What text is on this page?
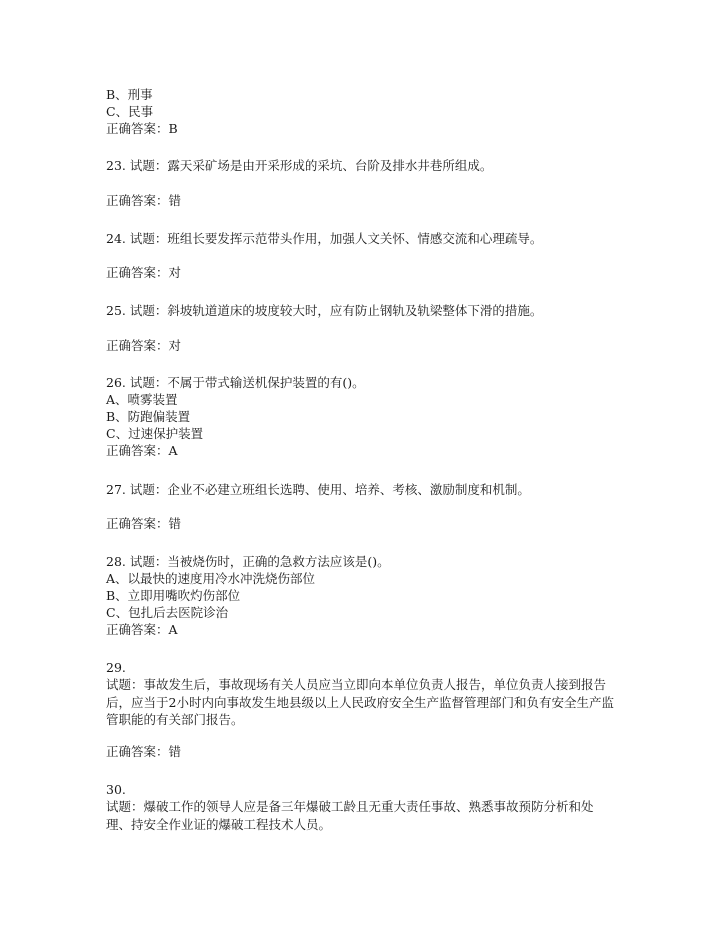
B、刑事
C、民事
正确答案：B
23. 试题：露天采矿场是由开采形成的采坑、台阶及排水井巷所组成。
正确答案：错
24. 试题：班组长要发挥示范带头作用，加强人文关怀、情感交流和心理疏导。
正确答案：对
25. 试题：斜坡轨道道床的坡度较大时，应有防止钢轨及轨梁整体下滑的措施。
正确答案：对
26. 试题：不属于带式输送机保护装置的有()。
A、喷雾装置
B、防跑偏装置
C、过速保护装置
正确答案：A
27. 试题：企业不必建立班组长选聘、使用、培养、考核、激励制度和机制。
正确答案：错
28. 试题：当被烧伤时，正确的急救方法应该是()。
A、以最快的速度用冷水冲洗烧伤部位
B、立即用嘴吹灼伤部位
C、包扎后去医院诊治
正确答案：A
29.
试题：事故发生后，事故现场有关人员应当立即向本单位负责人报告，单位负责人接到报告后，应当于2小时内向事故发生地县级以上人民政府安全生产监督管理部门和负有安全生产监管职能的有关部门报告。
正确答案：错
30.
试题：爆破工作的领导人应是备三年爆破工龄且无重大责任事故、熟悉事故预防分析和处理、持安全作业证的爆破工程技术人员。
